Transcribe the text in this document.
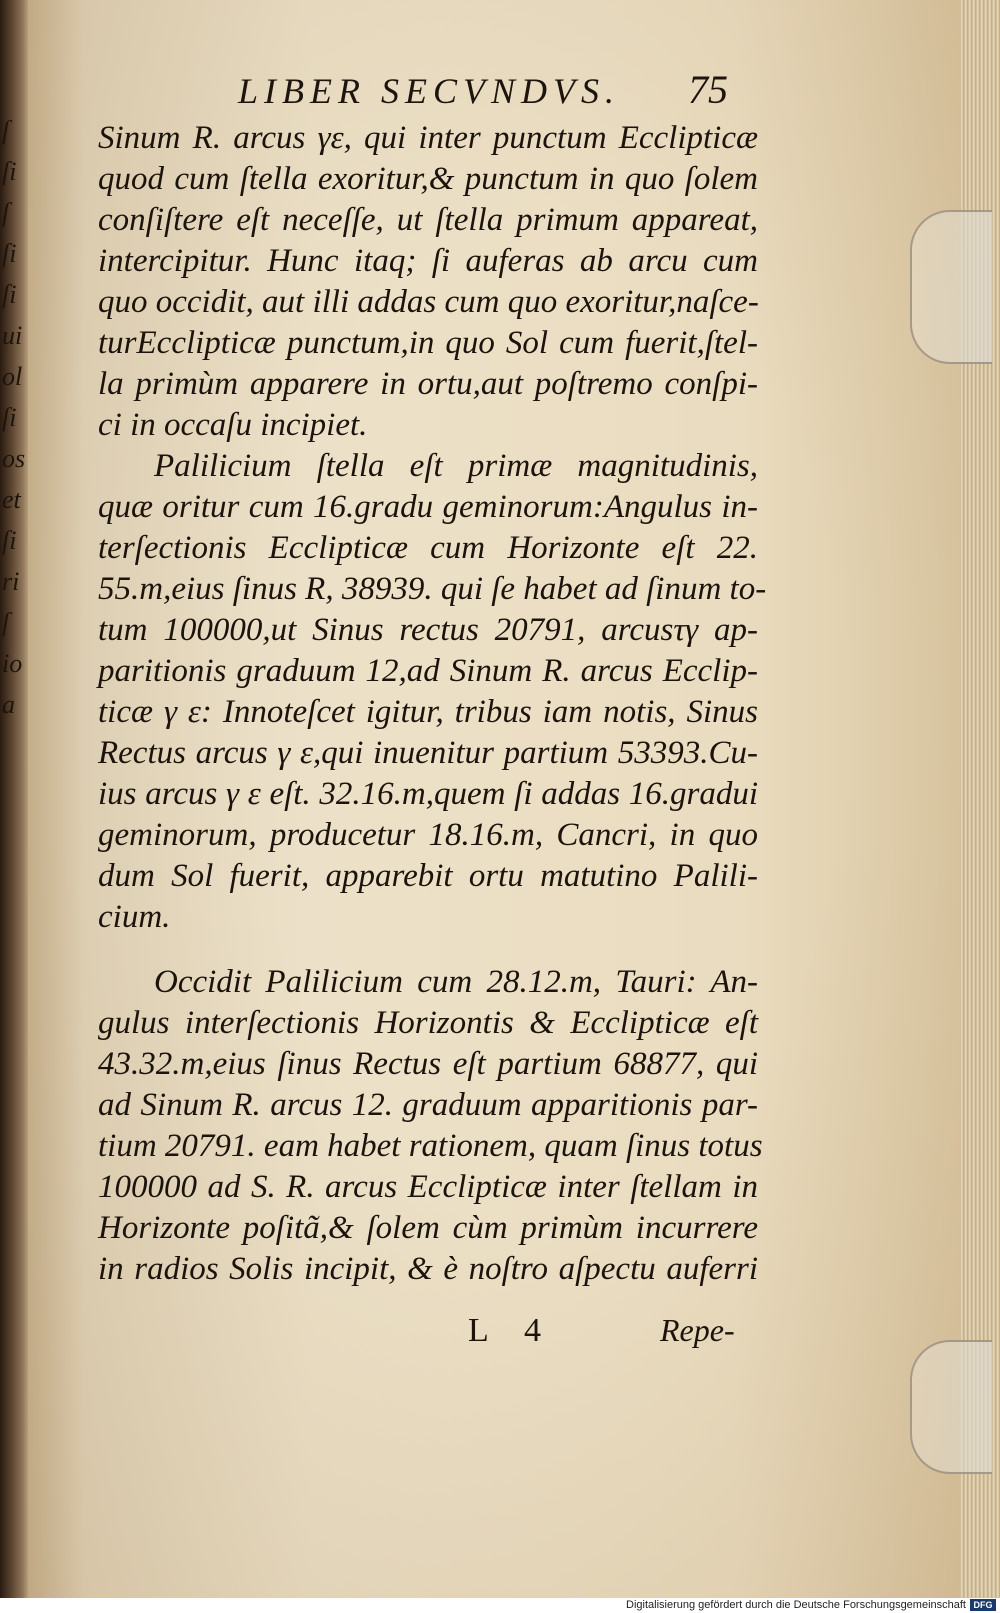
ſ
ſi
ſ
ſi
ſi
ui
ol
ſi
os
et
ſi
ri
ſ
io
a
LIBER SECVNDVS. 75
Sinum R. arcus γε, qui inter punctum Ecclipticæ
quod cum ſtella exoritur,& punctum in quo ſolem
conſiſtere eſt neceſſe, ut ſtella primum appareat,
intercipitur. Hunc itaq; ſi auferas ab arcu cum
quo occidit, aut illi addas cum quo exoritur,naſce-
turEcclipticæ punctum,in quo Sol cum fuerit,ſtel-
la primùm apparere in ortu,aut poſtremo conſpi-
ci in occaſu incipiet.
Palilicium ſtella eſt primæ magnitudinis,
quæ oritur cum 16.gradu geminorum:Angulus in-
terſectionis Ecclipticæ cum Horizonte eſt 22.
55.m,eius ſinus R, 38939. qui ſe habet ad ſinum to-
tum 100000,ut Sinus rectus 20791, arcusτγ ap-
paritionis graduum 12,ad Sinum R. arcus Ecclip-
ticæ γ ε: Innoteſcet igitur, tribus iam notis, Sinus
Rectus arcus γ ε,qui inuenitur partium 53393.Cu-
ius arcus γ ε eſt. 32.16.m,quem ſi addas 16.gradui
geminorum, producetur 18.16.m, Cancri, in quo
dum Sol fuerit, apparebit ortu matutino Palili-
cium.
Occidit Palilicium cum 28.12.m, Tauri: An-
gulus interſectionis Horizontis & Ecclipticæ eſt
43.32.m,eius ſinus Rectus eſt partium 68877, qui
ad Sinum R. arcus 12. graduum apparitionis par-
tium 20791. eam habet rationem, quam ſinus totus
100000 ad S. R. arcus Ecclipticæ inter ſtellam in
Horizonte poſitã,& ſolem cùm primùm incurrere
in radios Solis incipit, & è noſtro aſpectu auferri
L 4	Repe-
Digitalisierung gefördert durch die Deutsche Forschungsgemeinschaft DFG
